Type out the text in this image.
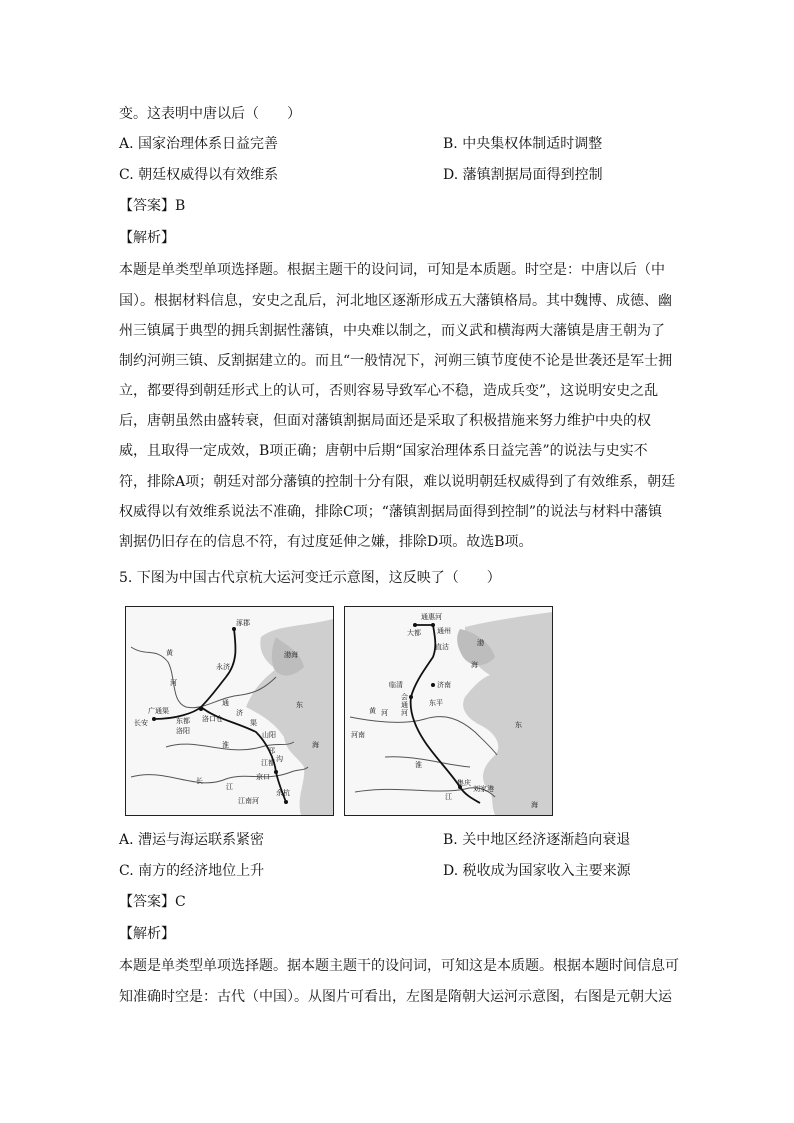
变。这表明中唐以后（　　）
A. 国家治理体系日益完善	B. 中央集权体制适时调整
C. 朝廷权威得以有效维系	D. 藩镇割据局面得到控制
【答案】B
【解析】
本题是单类型单项选择题。根据主题干的设问词，可知是本质题。时空是：中唐以后（中
国）。根据材料信息，安史之乱后，河北地区逐渐形成五大藩镇格局。其中魏博、成德、幽
州三镇属于典型的拥兵割据性藩镇，中央难以制之，而义武和横海两大藩镇是唐王朝为了
制约河朔三镇、反割据建立的。而且“一般情况下，河朔三镇节度使不论是世袭还是军士拥
立，都要得到朝廷形式上的认可，否则容易导致军心不稳，造成兵变”，这说明安史之乱
后，唐朝虽然由盛转衰，但面对藩镇割据局面还是采取了积极措施来努力维护中央的权
威，且取得一定成效，B项正确；唐朝中后期“国家治理体系日益完善”的说法与史实不
符，排除A项；朝廷对部分藩镇的控制十分有限，难以说明朝廷权威得到了有效维系，朝廷
权威得以有效维系说法不准确，排除C项；“藩镇割据局面得到控制”的说法与材料中藩镇
割据仍旧存在的信息不符，有过度延伸之嫌，排除D项。故选B项。
5. 下图为中国古代京杭大运河变迁示意图，这反映了（　　）
涿郡
渤海
黄
河
永济
东
广通渠
长安	东都
洛阳
洛口仓
通
济
渠
山阳
邗
沟
淮
长
江
江都
京口
余杭
江南 河
海
通惠河
大都 通州
直沽	渤
海
临清
会
通
河
济南
东平
黄 河
河南
淮
东
江
集庆
刘家港
海
A. 漕运与海运联系紧密	B. 关中地区经济逐渐趋向衰退
C. 南方的经济地位上升	D. 税收成为国家收入主要来源
【答案】C
【解析】
本题是单类型单项选择题。据本题主题干的设问词，可知这是本质题。根据本题时间信息可
知准确时空是：古代（中国）。从图片可看出，左图是隋朝大运河示意图，右图是元朝大运
